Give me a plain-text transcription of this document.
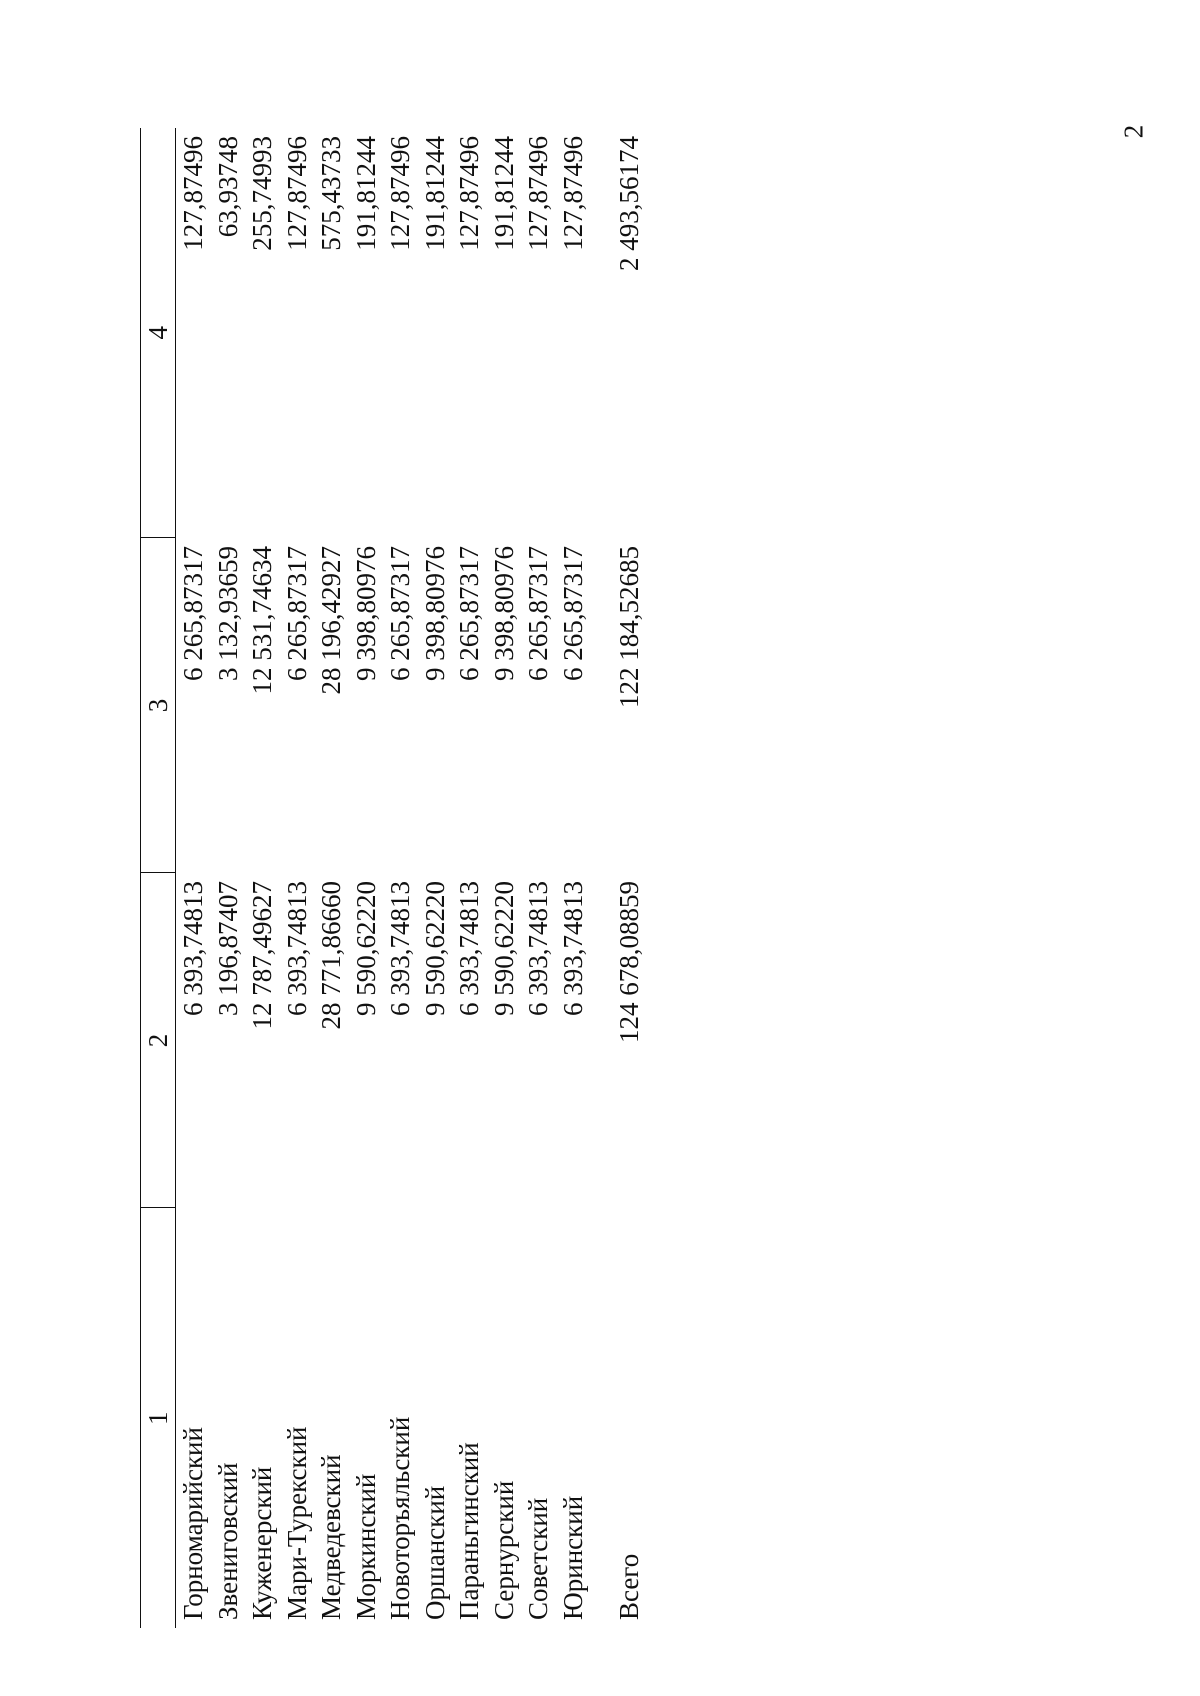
2
1	2	3	4
Горномарийский	6 393,74813	6 265,87317	127,87496
Звениговский	3 196,87407	3 132,93659	63,93748
Куженерский	12 787,49627	12 531,74634	255,74993
Мари-Турекский	6 393,74813	6 265,87317	127,87496
Медведевский	28 771,86660	28 196,42927	575,43733
Моркинский	9 590,62220	9 398,80976	191,81244
Новоторъяльский	6 393,74813	6 265,87317	127,87496
Оршанский	9 590,62220	9 398,80976	191,81244
Параньгинский	6 393,74813	6 265,87317	127,87496
Сернурский	9 590,62220	9 398,80976	191,81244
Советский	6 393,74813	6 265,87317	127,87496
Юринский	6 393,74813	6 265,87317	127,87496
Всего	124 678,08859	122 184,52685	2 493,56174
